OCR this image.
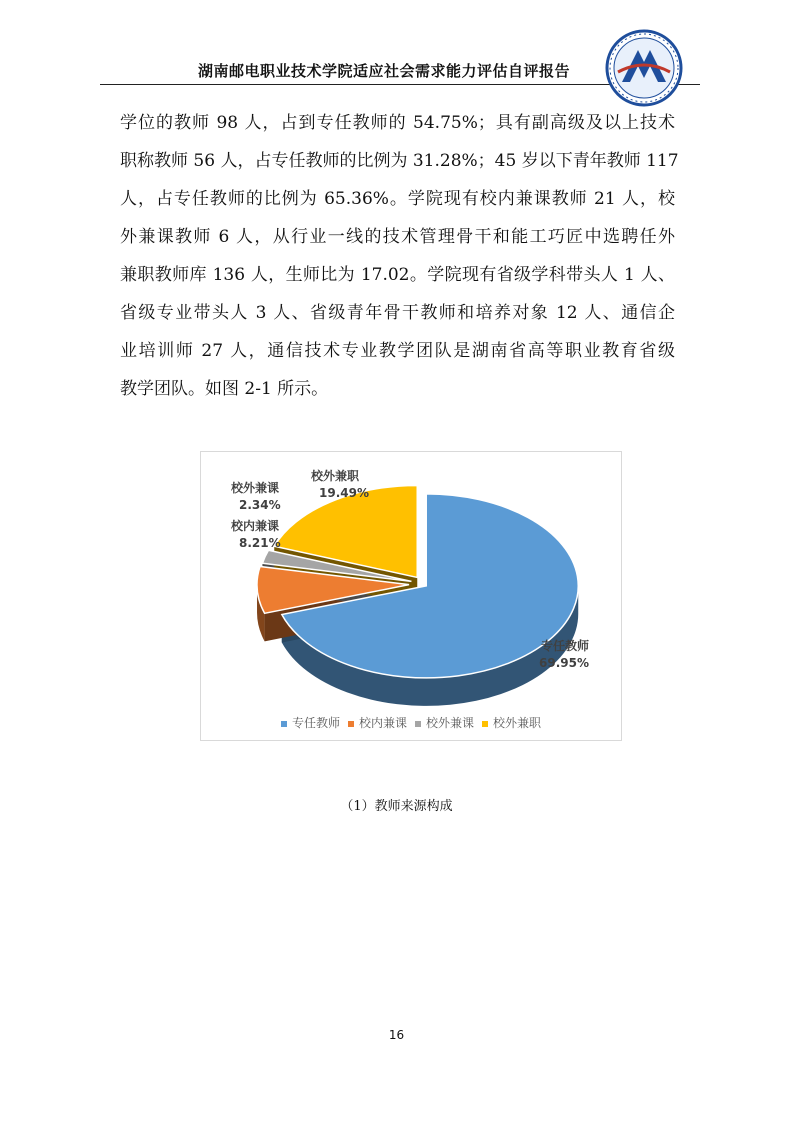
湖南邮电职业技术学院适应社会需求能力评估自评报告
学位的教师 98 人，占到专任教师的 54.75%；具有副高级及以上技术
职称教师 56 人，占专任教师的比例为 31.28%；45 岁以下青年教师 117
人，占专任教师的比例为 65.36%。学院现有校内兼课教师 21 人，校
外兼课教师 6 人，从行业一线的技术管理骨干和能工巧匠中选聘任外
兼职教师库 136 人，生师比为 17.02。学院现有省级学科带头人 1 人、
省级专业带头人 3 人、省级青年骨干教师和培养对象 12 人、通信企
业培训师 27 人，通信技术专业教学团队是湖南省高等职业教育省级
教学团队。如图 2-1 所示。
专任教师
69.95%
校内兼课
8.21%
校外兼课
2.34%
校外兼职
19.49%
专任教师 校内兼课 校外兼课 校外兼职
（1）教师来源构成
16
